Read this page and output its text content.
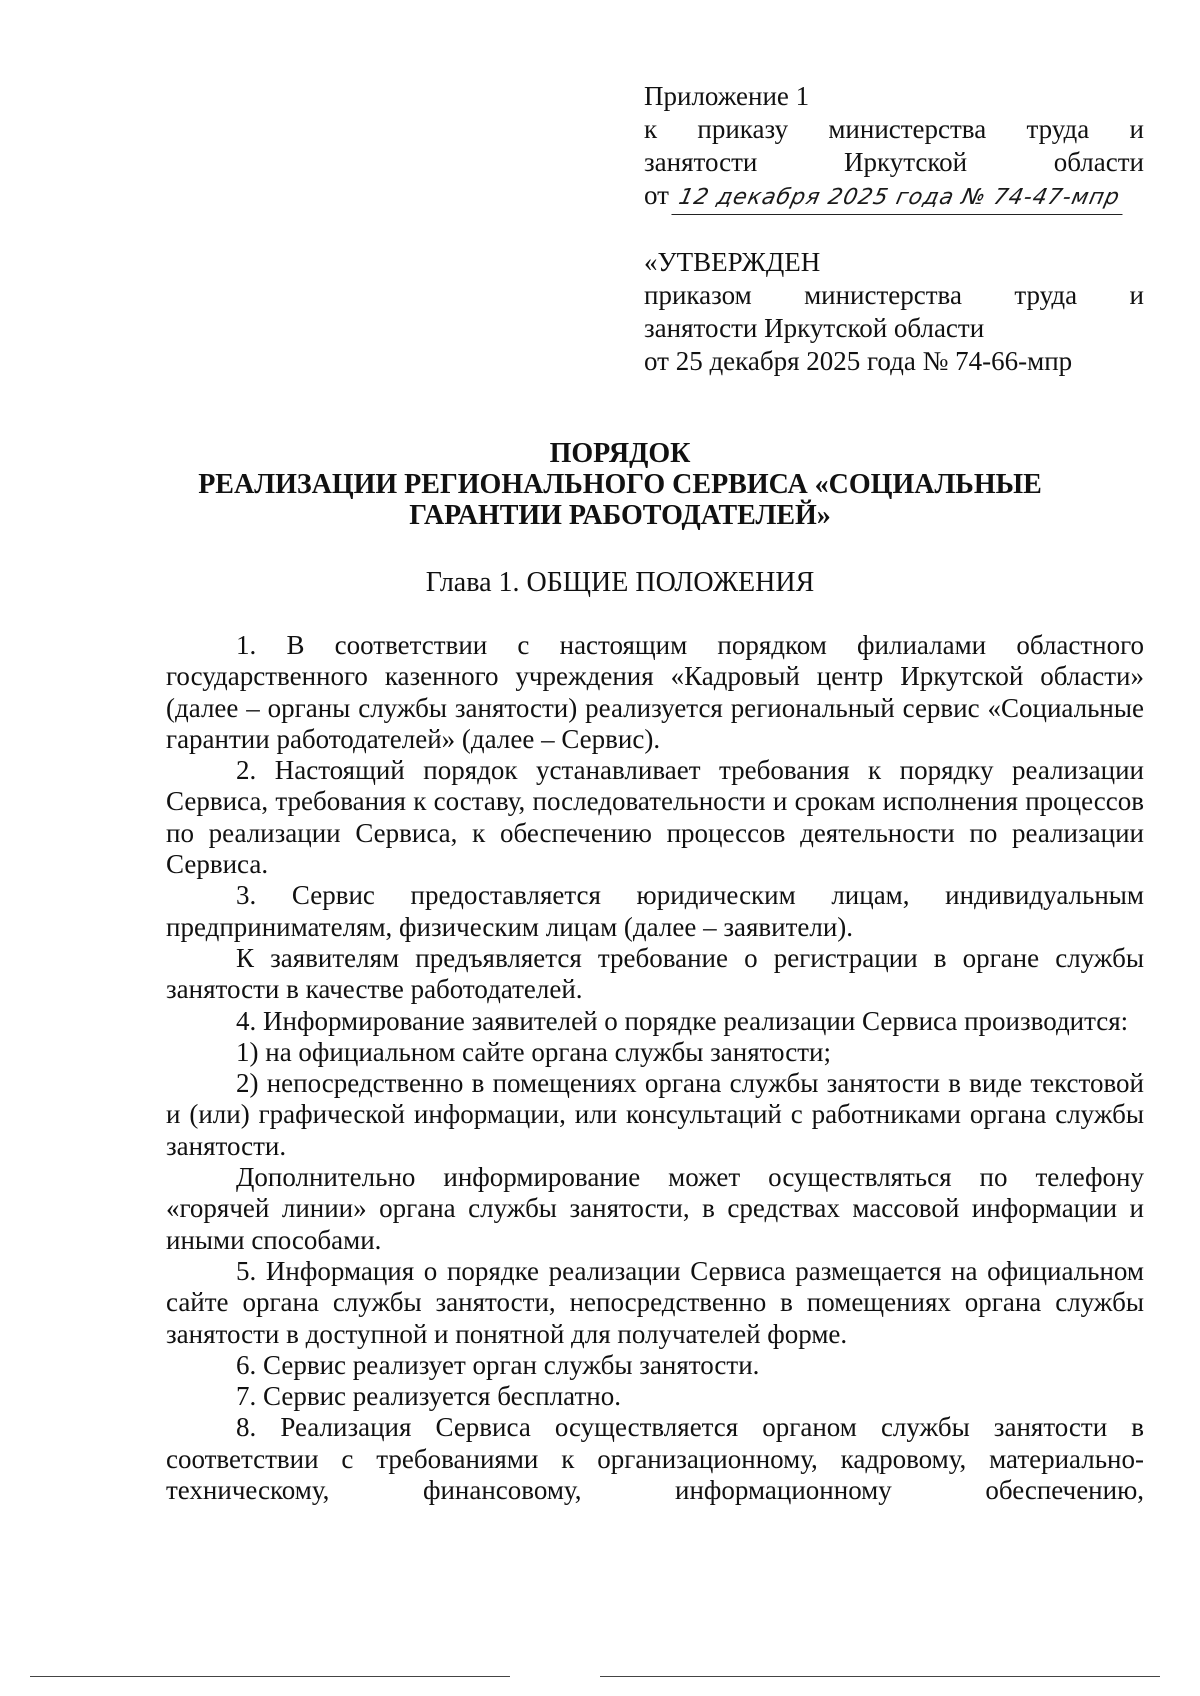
Приложение 1
к приказу министерства труда и
занятости	Иркутской	области
от 12 декабря 2025 года № 74-47-мпр
«УТВЕРЖДЕН
приказом министерства труда и
занятости Иркутской области
от 25 декабря 2025 года № 74-66-мпр
ПОРЯДОК
РЕАЛИЗАЦИИ РЕГИОНАЛЬНОГО СЕРВИСА «СОЦИАЛЬНЫЕ
ГАРАНТИИ РАБОТОДАТЕЛЕЙ»
Глава 1. ОБЩИЕ ПОЛОЖЕНИЯ

1. В соответствии с настоящим порядком филиалами областного государственного казенного учреждения «Кадровый центр Иркутской области» (далее – органы службы занятости) реализуется региональный сервис «Социальные гарантии работодателей» (далее – Сервис).

2. Настоящий порядок устанавливает требования к порядку реализации Сервиса, требования к составу, последовательности и срокам исполнения процессов по реализации Сервиса, к обеспечению процессов деятельности по реализации Сервиса.

3. Сервис предоставляется юридическим лицам, индивидуальным предпринимателям, физическим лицам (далее – заявители).

К заявителям предъявляется требование о регистрации в органе службы занятости в качестве работодателей.

4. Информирование заявителей о порядке реализации Сервиса производится:

1) на официальном сайте органа службы занятости;

2) непосредственно в помещениях органа службы занятости в виде текстовой и (или) графической информации, или консультаций с работниками органа службы занятости.

Дополнительно информирование может осуществляться по телефону «горячей линии» органа службы занятости, в средствах массовой информации и иными способами.

5. Информация о порядке реализации Сервиса размещается на официальном сайте органа службы занятости, непосредственно в помещениях органа службы занятости в доступной и понятной для получателей форме.

6. Сервис реализует орган службы занятости.

7. Сервис реализуется бесплатно.

8. Реализация Сервиса осуществляется органом службы занятости в соответствии с требованиями к организационному, кадровому, материально-техническому, финансовому, информационному обеспечению,
